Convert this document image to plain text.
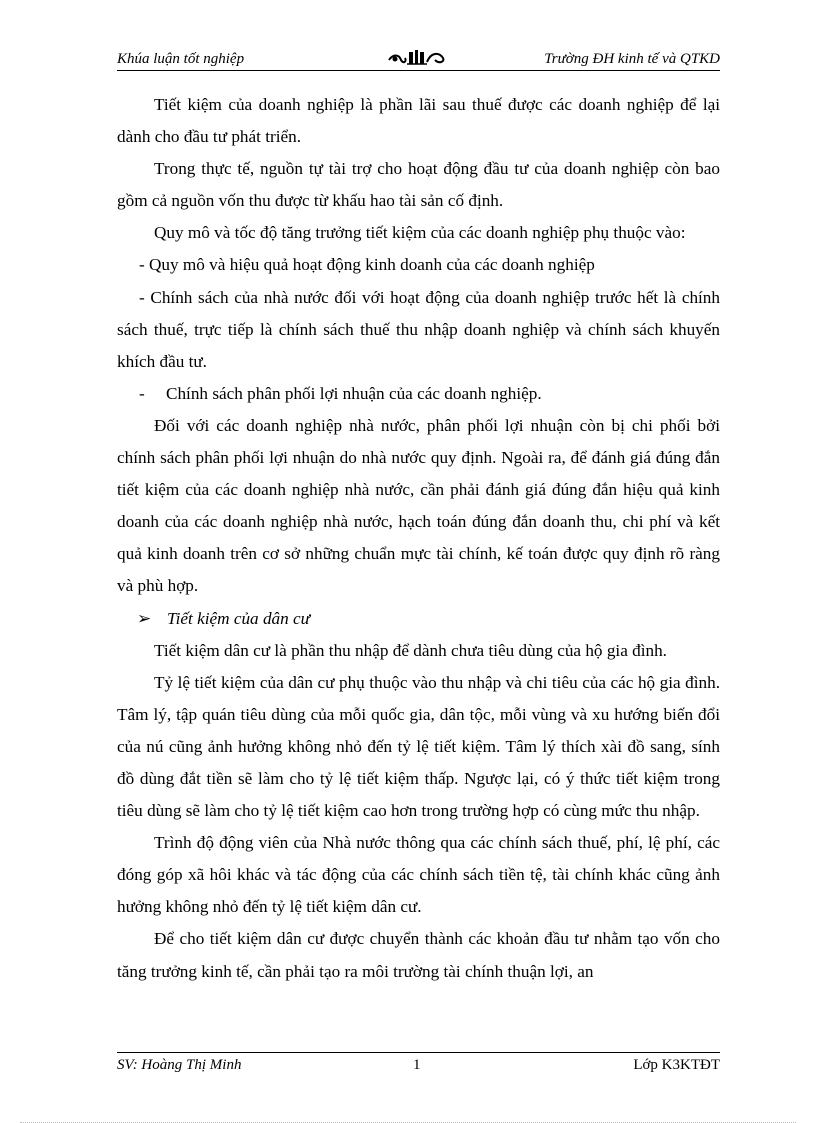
Khúa luận tốt nghiệp	Trường ĐH kinh tế và QTKD

Tiết kiệm của doanh nghiệp là phần lãi sau thuế được các doanh nghiệp để lại dành cho đầu tư phát triển.

Trong thực tế, nguồn tự tài trợ cho hoạt động đầu tư của doanh nghiệp còn bao gồm cả nguồn vốn thu được từ khấu hao tài sản cố định.

Quy mô và tốc độ tăng trưởng tiết kiệm của các doanh nghiệp phụ thuộc vào:

- Quy mô và hiệu quả hoạt động kinh doanh của các doanh nghiệp

- Chính sách của nhà nước đối với hoạt động của doanh nghiệp trước hết là chính sách thuế, trực tiếp là chính sách thuế thu nhập doanh nghiệp và chính sách khuyến khích đầu tư.

- Chính sách phân phối lợi nhuận của các doanh nghiệp.

Đối với các doanh nghiệp nhà nước, phân phối lợi nhuận còn bị chi phối bởi chính sách phân phối lợi nhuận do nhà nước quy định. Ngoài ra, để đánh giá đúng đắn tiết kiệm của các doanh nghiệp nhà nước, cần phải đánh giá đúng đắn hiệu quả kinh doanh của các doanh nghiệp nhà nước, hạch toán đúng đắn doanh thu, chi phí và kết quả kinh doanh trên cơ sở những chuẩn mực tài chính, kế toán được quy định rõ ràng và phù hợp.

➢ Tiết kiệm của dân cư

Tiết kiệm dân cư là phần thu nhập để dành chưa tiêu dùng của hộ gia đình.

Tỷ lệ tiết kiệm của dân cư phụ thuộc vào thu nhập và chi tiêu của các hộ gia đình. Tâm lý, tập quán tiêu dùng của mỗi quốc gia, dân tộc, mỗi vùng và xu hướng biến đổi của nú cũng ảnh hưởng không nhỏ đến tỷ lệ tiết kiệm. Tâm lý thích xài đồ sang, sính đồ dùng đắt tiền sẽ làm cho tỷ lệ tiết kiệm thấp. Ngược lại, có ý thức tiết kiệm trong tiêu dùng sẽ làm cho tỷ lệ tiết kiệm cao hơn trong trường hợp có cùng mức thu nhập.

Trình độ động viên của Nhà nước thông qua các chính sách thuế, phí, lệ phí, các đóng góp xã hôi khác và tác động của các chính sách tiền tệ, tài chính khác cũng ảnh hưởng không nhỏ đến tỷ lệ tiết kiệm dân cư.

Để cho tiết kiệm dân cư được chuyển thành các khoản đầu tư nhằm tạo vốn cho tăng trưởng kinh tế, cần phải tạo ra môi trường tài chính thuận lợi, an

SV: Hoàng Thị Minh	1	Lớp K3KTĐT
